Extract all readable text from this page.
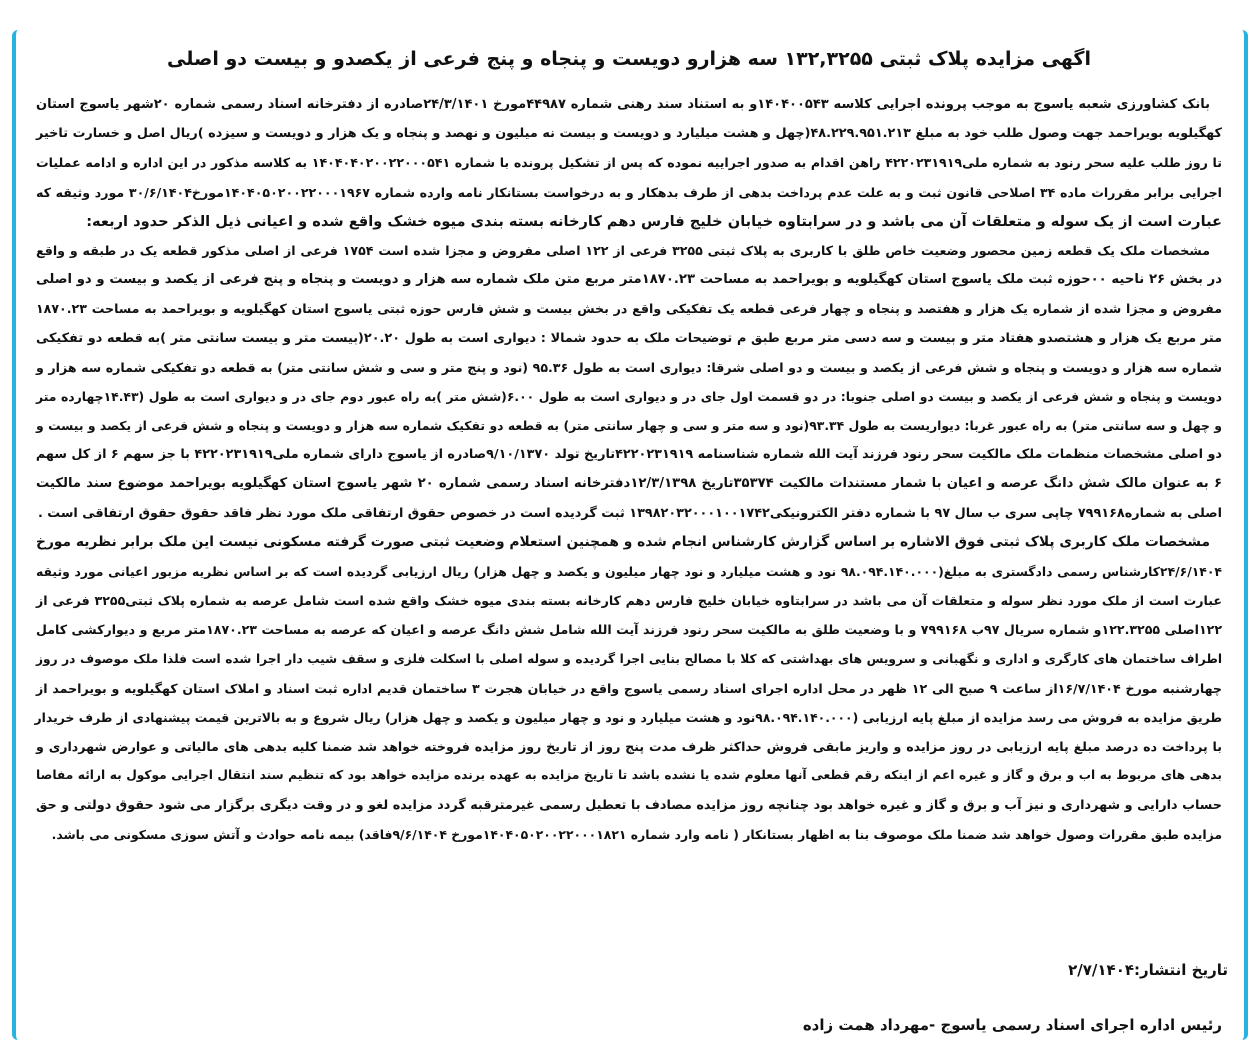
اگهی مزایده پلاک ثبتی ۱۳۲,۳۲۵۵ سه هزارو دویست و پنجاه و پنج فرعی از یکصدو و بیست دو اصلی
بانک کشاورزی شعبه یاسوج به موجب پرونده اجرایی کلاسه ۱۴۰۴۰۰۵۴۳و به استناد سند رهنی شماره ۴۴۹۸۷مورخ ۲۴/۳/۱۴۰۱صادره از دفترخانه اسناد رسمی شماره ۲۰شهر یاسوج استان
کهگیلویه بویراحمد جهت وصول طلب خود به مبلغ ۴۸.۲۲۹.۹۵۱.۲۱۳(چهل و هشت میلیارد و دویست و بیست نه میلیون و نهصد و پنجاه و یک هزار و دویست و سیزده )ریال اصل و خسارت تاخیر
تا روز طلب علیه سحر رنود به شماره ملی۴۲۲۰۲۳۱۹۱۹ راهن اقدام به صدور اجراییه نموده که پس از تشکیل پرونده با شماره ۱۴۰۴۰۴۰۲۰۰۲۲۰۰۰۵۴۱ به کلاسه مذکور در این اداره و ادامه عملیات
اجرایی برابر مقررات ماده ۳۴ اصلاحی قانون ثبت و به علت عدم پرداخت بدهی از طرف بدهکار و به درخواست بستانکار نامه وارده شماره ۱۴۰۴۰۵۰۲۰۰۲۲۰۰۰۱۹۶۷مورخ۳۰/۶/۱۴۰۴ مورد وثیقه که
عبارت است از یک سوله و متعلقات آن می باشد و در سرابتاوه خیابان خلیج فارس دهم کارخانه بسته بندی میوه خشک واقع شده و اعیانی ذیل الذکر حدود اربعه:
مشخصات ملک یک قطعه زمین محصور وضعیت خاص طلق با کاربری به پلاک ثبتی ۳۲۵۵ فرعی از ۱۲۲ اصلی مفروض و مجزا شده است ۱۷۵۴ فرعی از اصلی مذکور قطعه یک در طبقه و واقع
در بخش ۲۶ ناحیه ۰۰حوزه ثبت ملک یاسوج استان کهگیلویه و بویراحمد به مساحت ۱۸۷۰.۲۳متر مربع متن ملک شماره سه هزار و دویست و پنجاه و پنج فرعی از یکصد و بیست و دو اصلی
مفروض و مجزا شده از شماره یک هزار و هفتصد و پنجاه و چهار فرعی قطعه یک تفکیکی واقع در بخش بیست و شش فارس حوزه ثبتی یاسوج استان کهگیلویه و بویراحمد به مساحت ۱۸۷۰.۲۳
متر مربع یک هزار و هشتصدو هفتاد متر و بیست و سه دسی متر مربع طبق م توضیحات ملک به حدود شمالا : دیواری است به طول ۲۰.۲۰(بیست متر و بیست سانتی متر )به قطعه دو تفکیکی
شماره سه هزار و دویست و پنجاه و شش فرعی از یکصد و بیست و دو اصلی شرقا: دیواری است به طول ۹۵.۳۶ (نود و پنج متر و سی و شش سانتی متر) به قطعه دو تفکیکی شماره سه هزار و
دویست و پنجاه و شش فرعی از یکصد و بیست دو اصلی جنوبا: در دو قسمت اول جای در و دیواری است به طول ۶.۰۰(شش متر )به راه عبور دوم جای در و دیواری است به طول (۱۴.۴۳چهارده متر
و چهل و سه سانتی متر) به راه عبور غربا: دیواریست به طول ۹۳.۳۴(نود و سه متر و سی و چهار سانتی متر) به قطعه دو تفکیک شماره سه هزار و دویست و پنجاه و شش فرعی از یکصد و بیست و
دو اصلی مشخصات منظمات ملک مالکیت سحر رنود فرزند آیت الله شماره شناسنامه ۴۲۲۰۲۳۱۹۱۹تاریخ تولد ۹/۱۰/۱۳۷۰صادره از یاسوج دارای شماره ملی۴۲۲۰۲۳۱۹۱۹ با جز سهم ۶ از کل سهم
۶ به عنوان مالک شش دانگ عرصه و اعیان با شمار مستندات مالکیت ۳۵۳۷۴تاریخ ۱۲/۳/۱۳۹۸دفترخانه اسناد رسمی شماره ۲۰ شهر یاسوج استان کهگیلویه بویراحمد موضوع سند مالکیت
اصلی به شماره۷۹۹۱۶۸ چاپی سری ب سال ۹۷ با شماره دفتر الکترونیکی۱۳۹۸۲۰۳۲۰۰۰۱۰۰۱۷۴۲ ثبت گردیده است در خصوص حقوق ارتفاقی ملک مورد نظر فاقد حقوق حقوق ارتفاقی است .
مشخصات ملک کاربری پلاک ثبتی فوق الاشاره بر اساس گزارش کارشناس انجام شده و همچنین استعلام وضعیت ثبتی صورت گرفته مسکونی نیست این ملک برابر نظریه مورخ
۲۴/۶/۱۴۰۴کارشناس رسمی دادگستری به مبلغ(۹۸.۰۹۴.۱۴۰.۰۰۰ نود و هشت میلیارد و نود چهار میلیون و یکصد و چهل هزار) ریال ارزیابی گردیده است که بر اساس نظریه مزبور اعیانی مورد وثیقه
عبارت است از ملک مورد نظر سوله و متعلقات آن می باشد در سرابتاوه خیابان خلیج فارس دهم کارخانه بسته بندی میوه خشک واقع شده است شامل عرصه به شماره پلاک ثبتی۳۲۵۵ فرعی از
۱۲۲اصلی ۱۲۲.۳۲۵۵و شماره سریال ۹۷ب ۷۹۹۱۶۸ و با وضعیت طلق به مالکیت سحر رنود فرزند آیت الله شامل شش دانگ عرصه و اعیان که عرصه به مساحت ۱۸۷۰.۲۳متر مربع و دیوارکشی کامل
اطراف ساختمان های کارگری و اداری و نگهبانی و سرویس های بهداشتی که کلا با مصالح بنایی اجرا گردیده و سوله اصلی با اسکلت فلزی و سقف شیب دار اجرا شده است فلذا ملک موصوف در روز
چهارشنبه مورخ ۱۶/۷/۱۴۰۴از ساعت ۹ صبح الی ۱۲ ظهر در محل اداره اجرای اسناد رسمی یاسوج واقع در خیابان هجرت ۳ ساختمان قدیم اداره ثبت اسناد و املاک استان کهگیلویه و بویراحمد از
طریق مزایده به فروش می رسد مزایده از مبلغ پایه ارزیابی (۹۸.۰۹۴.۱۴۰.۰۰۰نود و هشت میلیارد و نود و چهار میلیون و یکصد و چهل هزار) ریال شروع و به بالاترین قیمت پیشنهادی از طرف خریدار
با پرداخت ده درصد مبلغ پایه ارزیابی در روز مزایده و واریز مابقی فروش حداکثر ظرف مدت پنج روز از تاریخ روز مزایده فروخته خواهد شد ضمنا کلیه بدهی های مالیاتی و عوارض شهرداری و
بدهی های مربوط به اب و برق و گاز و غیره اعم از اینکه رقم قطعی آنها معلوم شده یا نشده باشد تا تاریخ مزایده به عهده برنده مزایده خواهد بود که تنظیم سند انتقال اجرایی موکول به ارائه مفاصا
حساب دارایی و شهرداری و نیز آب و برق و گاز و غیره خواهد بود چنانچه روز مزایده مصادف با تعطیل رسمی غیرمترقبه گردد مزایده لغو و در وقت دیگری برگزار می شود حقوق دولتی و حق
مزایده طبق مقررات وصول خواهد شد ضمنا ملک موصوف بنا به اظهار بستانکار ( نامه وارد شماره ۱۴۰۴۰۵۰۲۰۰۲۲۰۰۰۱۸۲۱مورخ ۹/۶/۱۴۰۴فاقد) بیمه نامه حوادث و آتش سوزی مسکونی می باشد.
تاریخ انتشار:۲/۷/۱۴۰۴
رئیس اداره اجرای اسناد رسمی یاسوج -مهرداد همت زاده
